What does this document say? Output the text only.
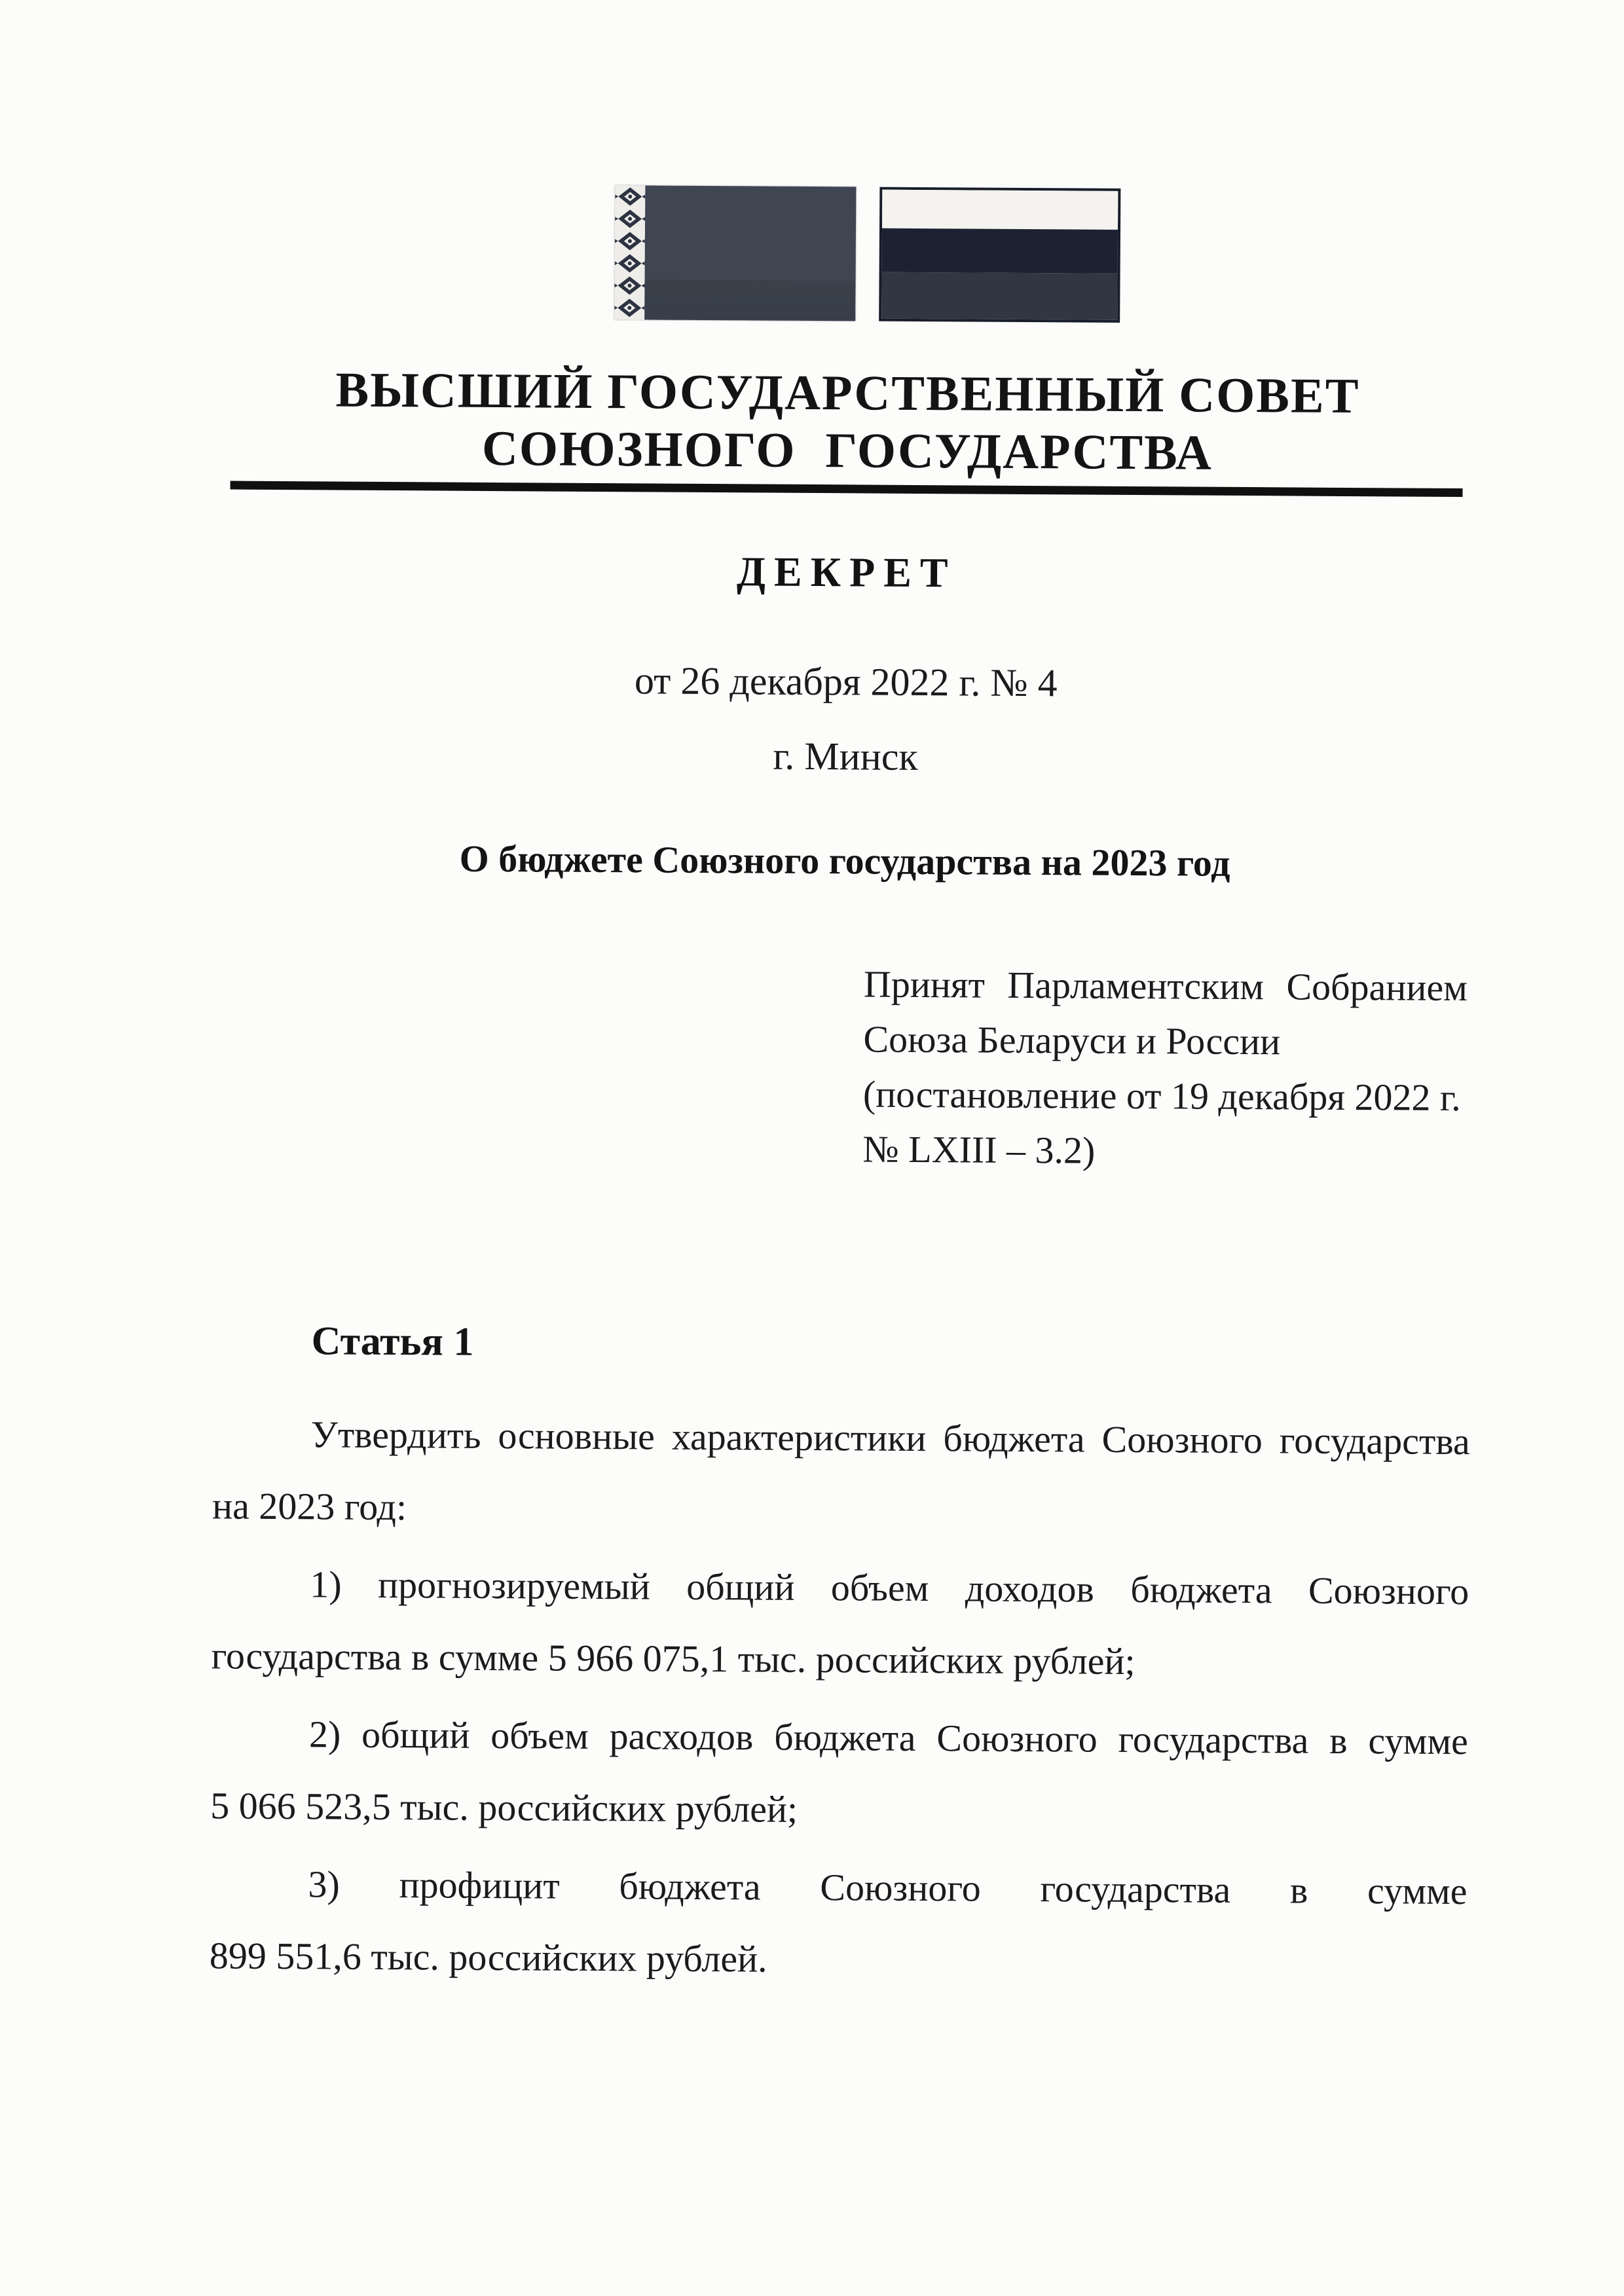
ВЫСШИЙ ГОСУДАРСТВЕННЫЙ СОВЕТ
СОЮЗНОГО ГОСУДАРСТВА
ДЕКРЕТ
от 26 декабря 2022 г. № 4
г. Минск
О бюджете Союзного государства на 2023 год
Принят Парламентским Собранием
Союза Беларуси и России
(постановление от 19 декабря 2022 г.
№ LXIII – 3.2)
Статья 1
Утвердить основные характеристики бюджета Союзного государства
на 2023 год:
1) прогнозируемый общий объем доходов бюджета Союзного
государства в сумме 5 966 075,1 тыс. российских рублей;
2) общий объем расходов бюджета Союзного государства в сумме
5 066 523,5 тыс. российских рублей;
3) профицит бюджета Союзного государства в сумме
899 551,6 тыс. российских рублей.
